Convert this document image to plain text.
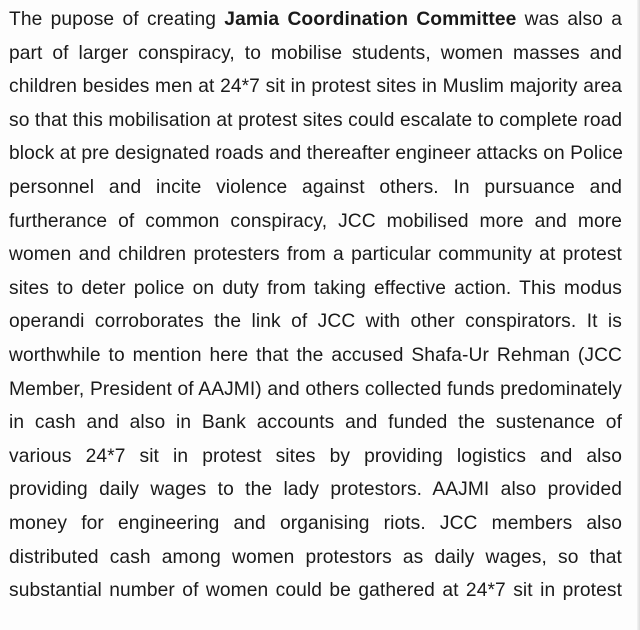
The pupose of creating Jamia Coordination Committee was also a
part of larger conspiracy, to mobilise students, women masses and
children besides men at 24*7 sit in protest sites in Muslim majority area
so that this mobilisation at protest sites could escalate to complete road
block at pre designated roads and thereafter engineer attacks on Police
personnel and incite violence against others. In pursuance and
furtherance of common conspiracy, JCC mobilised more and more
women and children protesters from a particular community at protest
sites to deter police on duty from taking effective action. This modus
operandi corroborates the link of JCC with other conspirators. It is
worthwhile to mention here that the accused Shafa-Ur Rehman (JCC
Member, President of AAJMI) and others collected funds predominately
in cash and also in Bank accounts and funded the sustenance of
various 24*7 sit in protest sites by providing logistics and also
providing daily wages to the lady protestors. AAJMI also provided
money for engineering and organising riots. JCC members also
distributed cash among women protestors as daily wages, so that
substantial number of women could be gathered at 24*7 sit in protest
